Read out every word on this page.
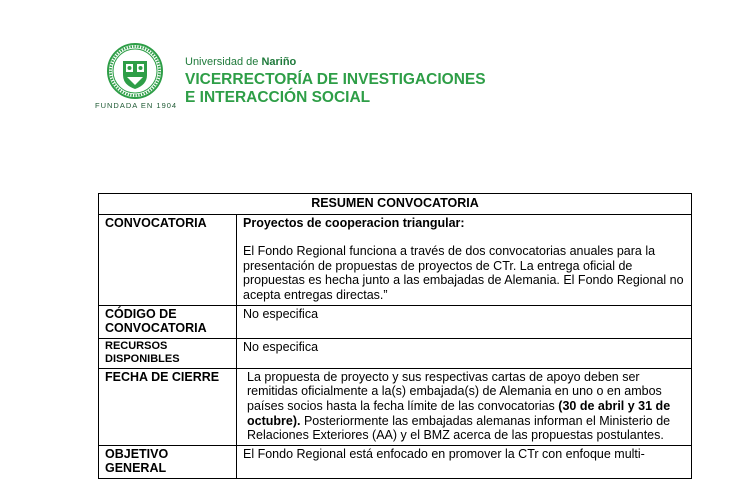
FUNDADA EN 1904
Universidad de Nariño
VICERRECTORÍA DE INVESTIGACIONES
E INTERACCIÓN SOCIAL
RESUMEN CONVOCATORIA	
CONVOCATORIA	Proyectos de cooperacion triangular:
El Fondo Regional funciona a través de dos convocatorias anuales para la presentación de propuestas de proyectos de CTr. La entrega oficial de propuestas es hecha junto a las embajadas de Alemania. El Fondo Regional no acepta entregas directas.”

CÓDIGO DE CONVOCATORIA	No especifica
RECURSOS DISPONIBLES	No especifica
FECHA DE CIERRE	La propuesta de proyecto y sus respectivas cartas de apoyo deben ser remitidas oficialmente a la(s) embajada(s) de Alemania en uno o en ambos países socios hasta la fecha límite de las convocatorias (30 de abril y 31 de octubre). Posteriormente las embajadas alemanas informan el Ministerio de Relaciones Exteriores (AA) y el BMZ acerca de las propuestas postulantes.
OBJETIVO GENERAL	El Fondo Regional está enfocado en promover la CTr con enfoque multi-
